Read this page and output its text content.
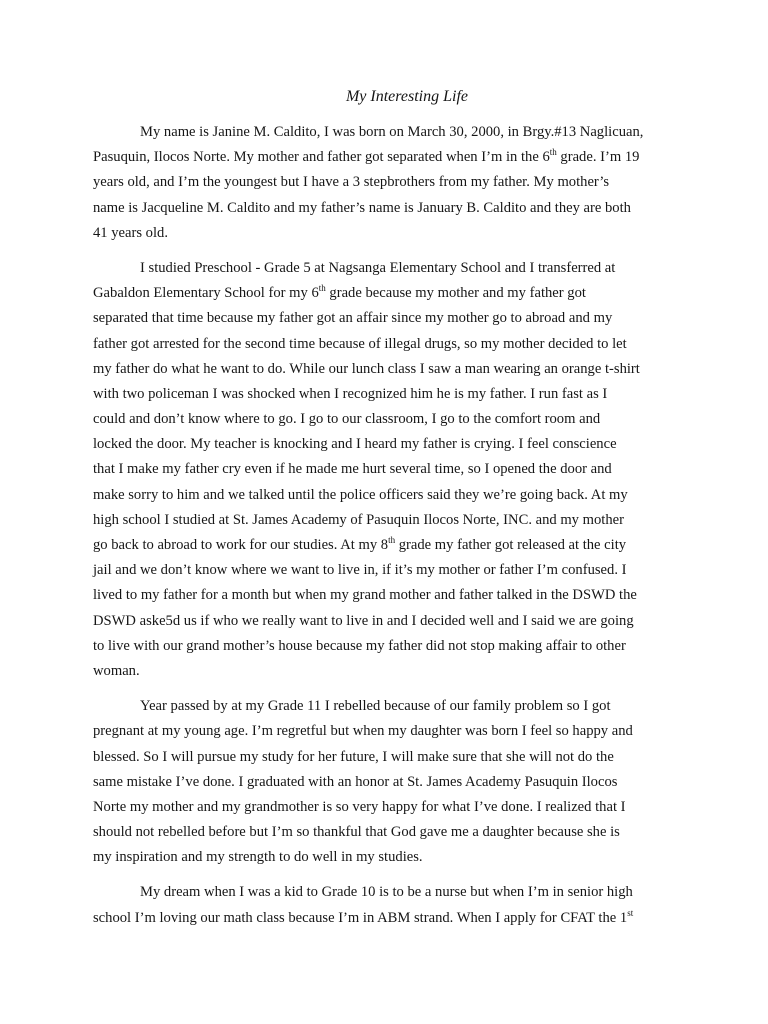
My Interesting Life
My name is Janine M. Caldito, I was born on March 30, 2000, in Brgy.#13 Naglicuan,
Pasuquin, Ilocos Norte. My mother and father got separated when I’m in the 6th grade. I’m 19
years old, and I’m the youngest but I have a 3 stepbrothers from my father. My mother’s
name is Jacqueline M. Caldito and my father’s name is January B. Caldito and they are both
41 years old.
I studied Preschool - Grade 5 at Nagsanga Elementary School and I transferred at
Gabaldon Elementary School for my 6th grade because my mother and my father got
separated that time because my father got an affair since my mother go to abroad and my
father got arrested for the second time because of illegal drugs, so my mother decided to let
my father do what he want to do. While our lunch class I saw a man wearing an orange t-shirt
with two policeman I was shocked when I recognized him he is my father. I run fast as I
could and don’t know where to go. I go to our classroom, I go to the comfort room and
locked the door. My teacher is knocking and I heard my father is crying. I feel conscience
that I make my father cry even if he made me hurt several time, so I opened the door and
make sorry to him and we talked until the police officers said they we’re going back. At my
high school I studied at St. James Academy of Pasuquin Ilocos Norte, INC. and my mother
go back to abroad to work for our studies. At my 8th grade my father got released at the city
jail and we don’t know where we want to live in, if it’s my mother or father I’m confused. I
lived to my father for a month but when my grand mother and father talked in the DSWD the
DSWD aske5d us if who we really want to live in and I decided well and I said we are going
to live with our grand mother’s house because my father did not stop making affair to other
woman.
Year passed by at my Grade 11 I rebelled because of our family problem so I got
pregnant at my young age. I’m regretful but when my daughter was born I feel so happy and
blessed. So I will pursue my study for her future, I will make sure that she will not do the
same mistake I’ve done. I graduated with an honor at St. James Academy Pasuquin Ilocos
Norte my mother and my grandmother is so very happy for what I’ve done. I realized that I
should not rebelled before but I’m so thankful that God gave me a daughter because she is
my inspiration and my strength to do well in my studies.
My dream when I was a kid to Grade 10 is to be a nurse but when I’m in senior high
school I’m loving our math class because I’m in ABM strand. When I apply for CFAT the 1st
